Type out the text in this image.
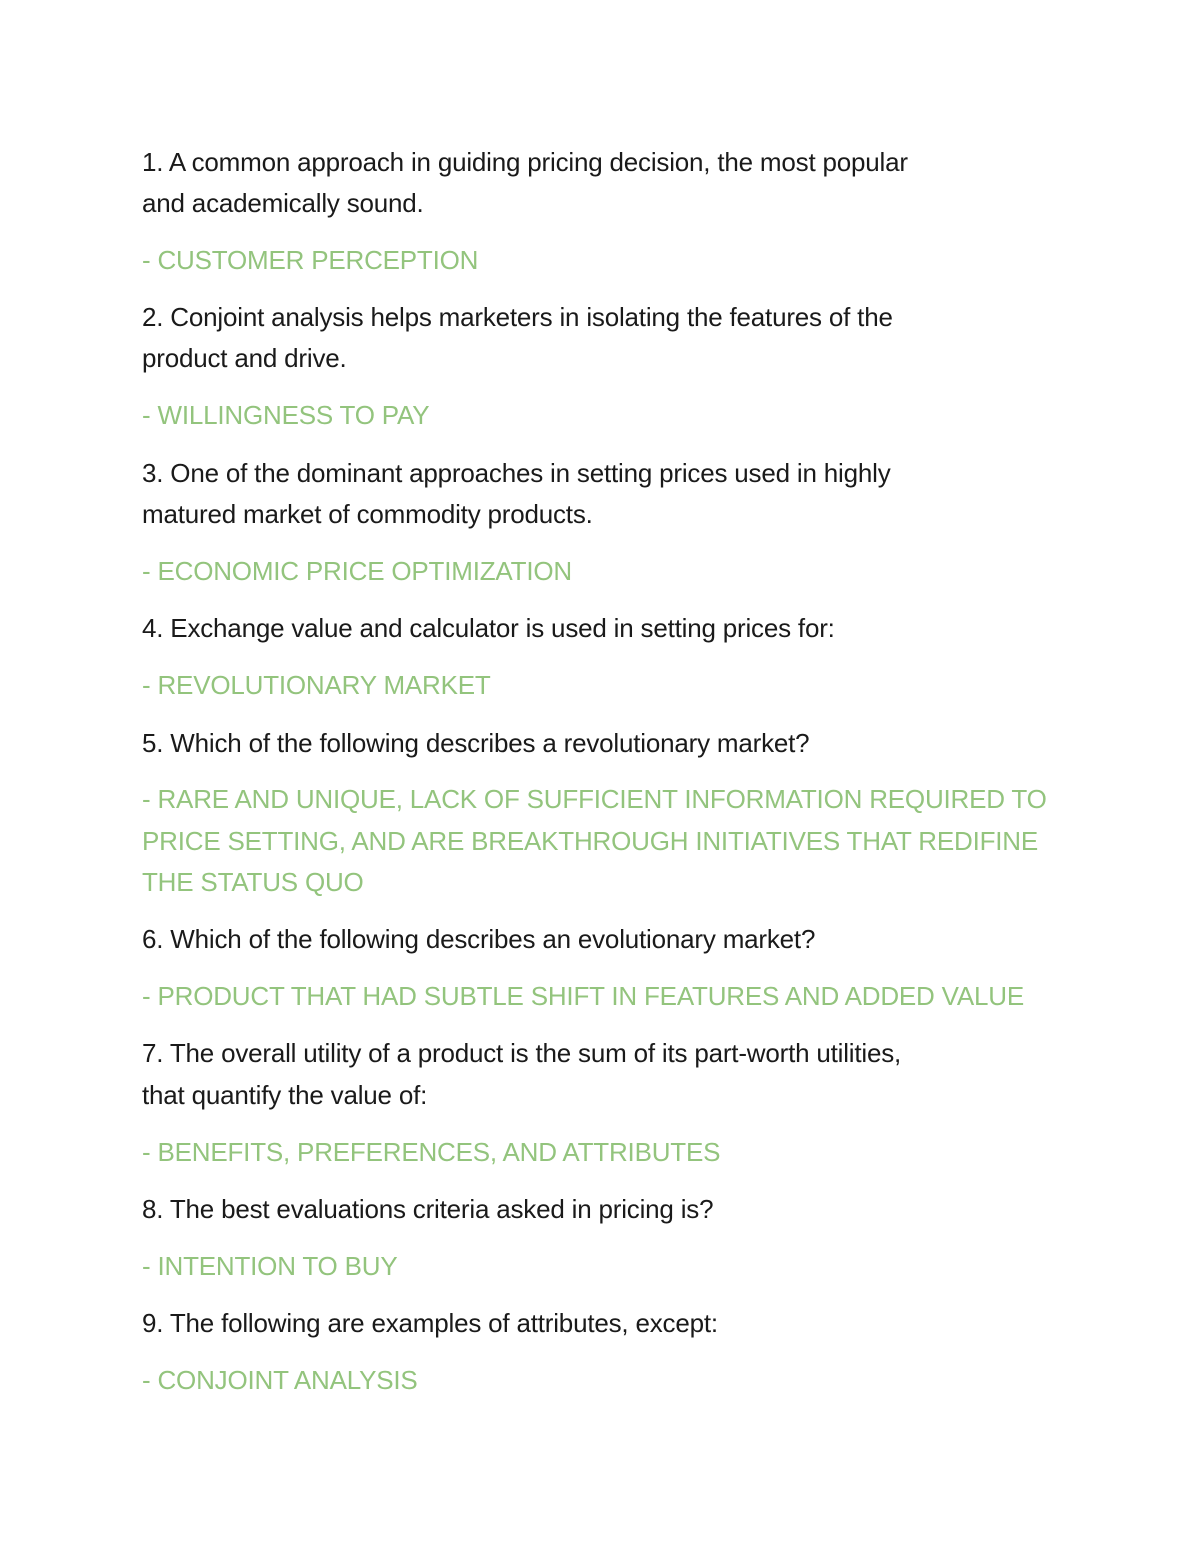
1. A common approach in guiding pricing decision, the most popular

and academically sound.

- CUSTOMER PERCEPTION

2. Conjoint analysis helps marketers in isolating the features of the

product and drive.

- WILLINGNESS TO PAY

3. One of the dominant approaches in setting prices used in highly

matured market of commodity products.

- ECONOMIC PRICE OPTIMIZATION

4. Exchange value and calculator is used in setting prices for:

- REVOLUTIONARY MARKET

5. Which of the following describes a revolutionary market?

- RARE AND UNIQUE, LACK OF SUFFICIENT INFORMATION REQUIRED TO

PRICE SETTING, AND ARE BREAKTHROUGH INITIATIVES THAT REDIFINE

THE STATUS QUO

6. Which of the following describes an evolutionary market?

- PRODUCT THAT HAD SUBTLE SHIFT IN FEATURES AND ADDED VALUE

7. The overall utility of a product is the sum of its part-worth utilities,

that quantify the value of:

- BENEFITS, PREFERENCES, AND ATTRIBUTES

8. The best evaluations criteria asked in pricing is?

- INTENTION TO BUY

9. The following are examples of attributes, except:

- CONJOINT ANALYSIS
